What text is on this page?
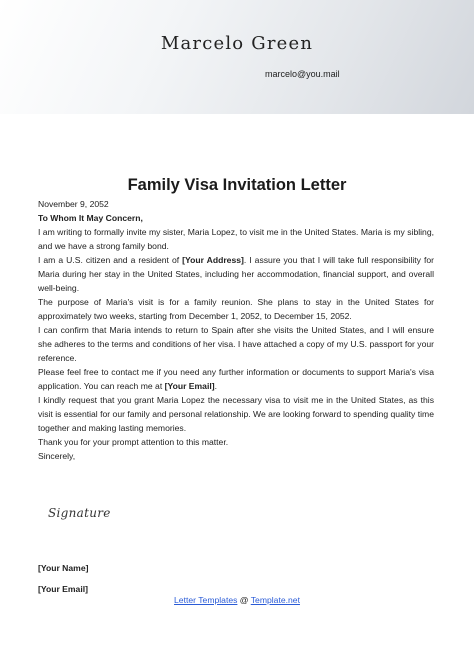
Marcelo Green
marcelo@you.mail
Family Visa Invitation Letter

November 9, 2052

To Whom It May Concern,

I am writing to formally invite my sister, Maria Lopez, to visit me in the United States. Maria is my sibling, and we have a strong family bond.

I am a U.S. citizen and a resident of [Your Address]. I assure you that I will take full responsibility for Maria during her stay in the United States, including her accommodation, financial support, and overall well-being.

The purpose of Maria's visit is for a family reunion. She plans to stay in the United States for approximately two weeks, starting from December 1, 2052, to December 15, 2052.

I can confirm that Maria intends to return to Spain after she visits the United States, and I will ensure she adheres to the terms and conditions of her visa. I have attached a copy of my U.S. passport for your reference.

Please feel free to contact me if you need any further information or documents to support Maria's visa application. You can reach me at [Your Email].

I kindly request that you grant Maria Lopez the necessary visa to visit me in the United States, as this visit is essential for our family and personal relationship. We are looking forward to spending quality time together and making lasting memories.

Thank you for your prompt attention to this matter.

Sincerely,

Signature
[Your Name]
[Your Email]
Letter Templates @ Template.net
